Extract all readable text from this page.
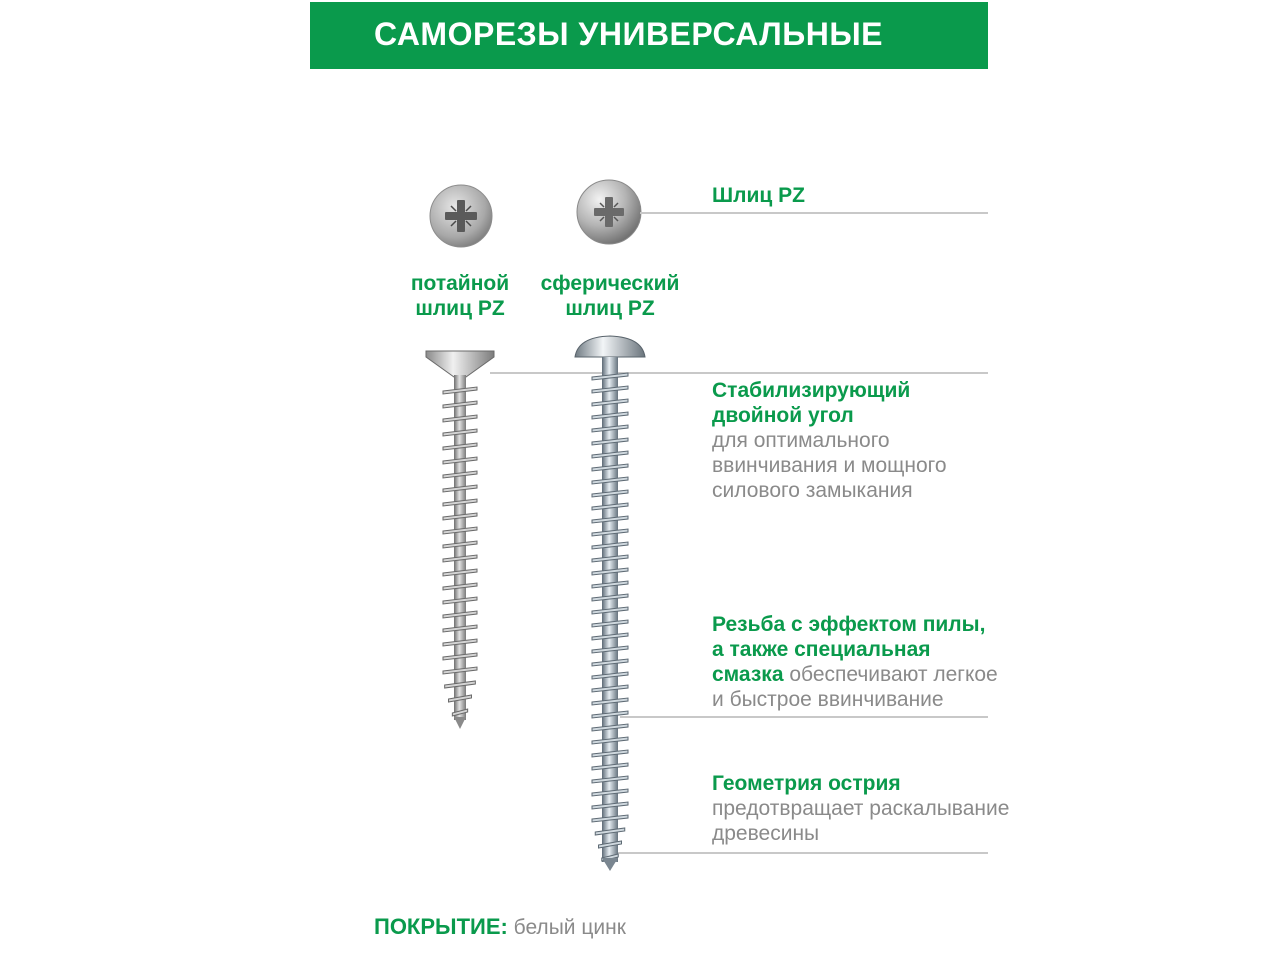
САМОРЕЗЫ УНИВЕРСАЛЬНЫЕ
потайной
шлиц PZ
сферический
шлиц PZ
Шлиц PZ
Стабилизирующий
двойной угол
для оптимального
ввинчивания и мощного
силового замыкания
Резьба с эффектом пилы,
а также специальная
смазка обеспечивают легкое
и быстрое ввинчивание
Геометрия острия
предотвращает раскалывание
древесины
ПОКРЫТИЕ: белый цинк
